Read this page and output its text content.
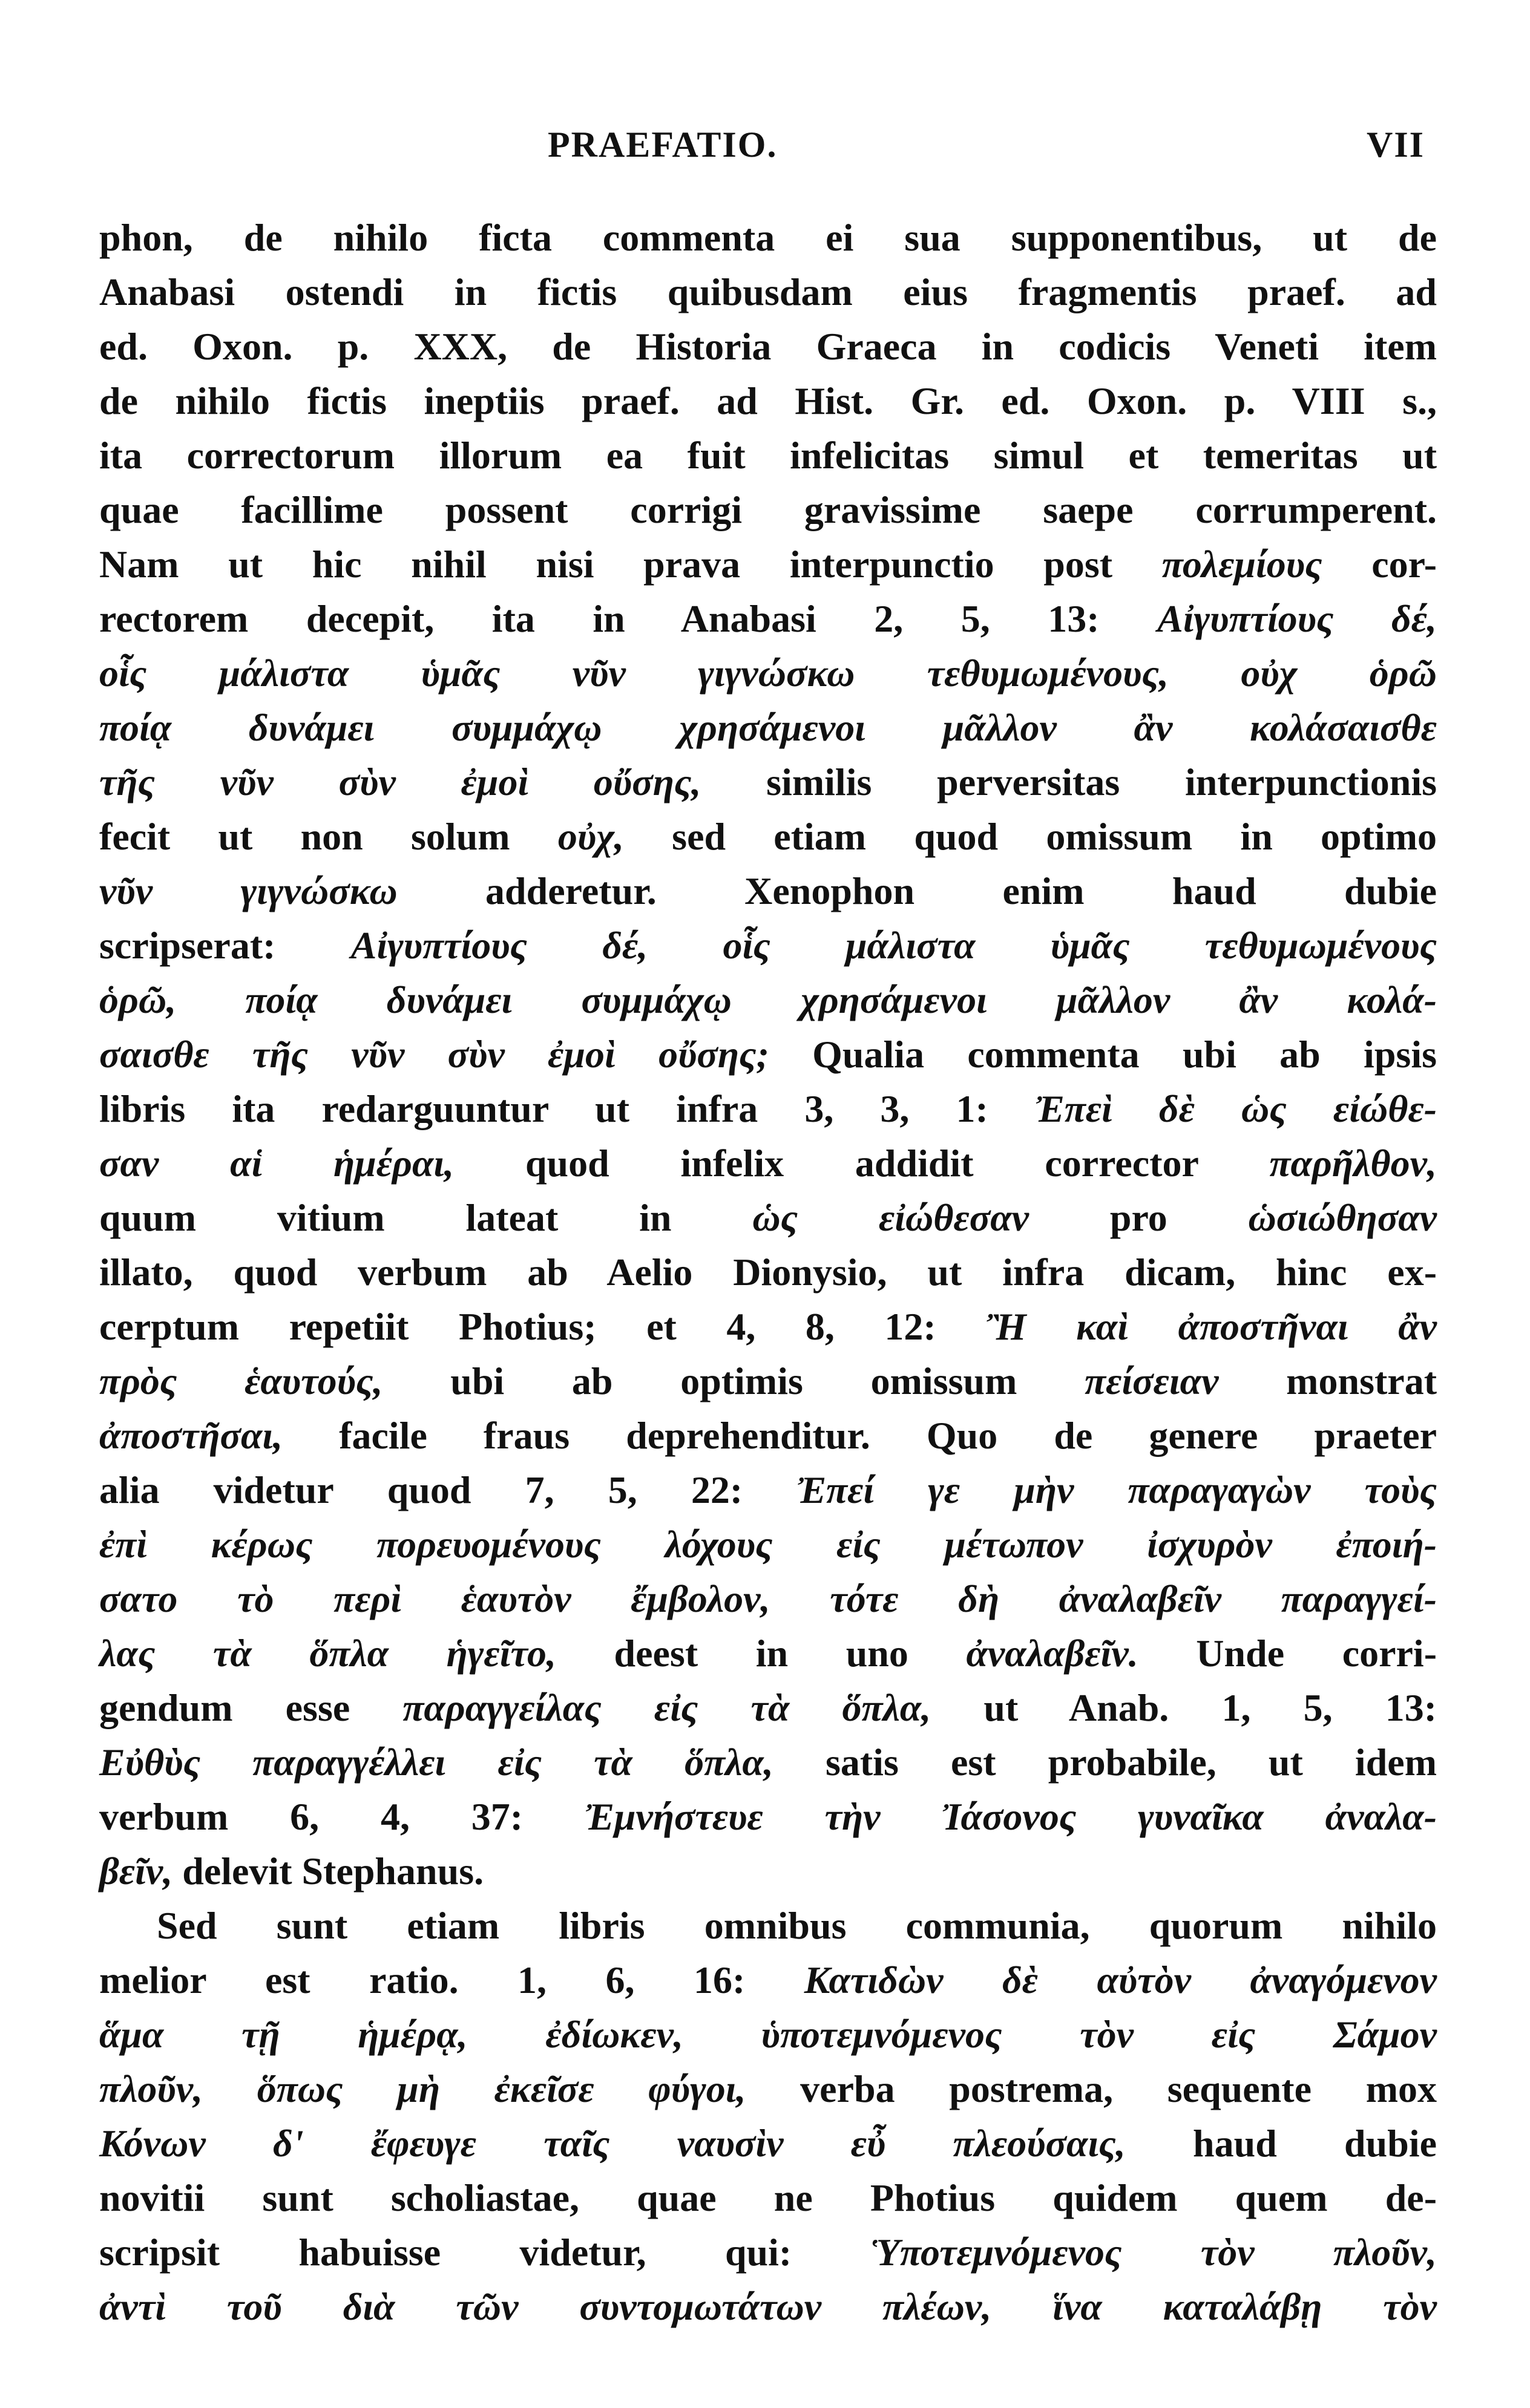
PRAEFATIO.	VII
phon, de nihilo ficta commenta ei sua supponentibus, ut de
Anabasi ostendi in fictis quibusdam eius fragmentis praef. ad
ed. Oxon. p. XXX, de Historia Graeca in codicis Veneti item
de nihilo fictis ineptiis praef. ad Hist. Gr. ed. Oxon. p. VIII s.,
ita correctorum illorum ea fuit infelicitas simul et temeritas ut
quae facillime possent corrigi gravissime saepe corrumperent.
Nam ut hic nihil nisi prava interpunctio post πολεμίους cor-
rectorem decepit, ita in Anabasi 2, 5, 13: Αἰγυπτίους δέ,
οἷς μάλιστα ὑμᾶς νῦν γιγνώσκω τεθυμωμένους, οὐχ ὁρῶ
ποίᾳ δυνάμει συμμάχῳ χρησάμενοι μᾶλλον ἂν κολάσαισθε
τῆς νῦν σὺν ἐμοὶ οὔσης, similis perversitas interpunctionis
fecit ut non solum οὐχ, sed etiam quod omissum in optimo
νῦν γιγνώσκω adderetur. Xenophon enim haud dubie
scripserat: Αἰγυπτίους δέ, οἷς μάλιστα ὑμᾶς τεθυμωμένους
ὁρῶ, ποίᾳ δυνάμει συμμάχῳ χρησάμενοι μᾶλλον ἂν κολά-
σαισθε τῆς νῦν σὺν ἐμοὶ οὔσης; Qualia commenta ubi ab ipsis
libris ita redarguuntur ut infra 3, 3, 1: Ἐπεὶ δὲ ὡς εἰώθε-
σαν αἱ ἡμέραι, quod infelix addidit corrector παρῆλθον,
quum vitium lateat in ὡς εἰώθεσαν pro ὡσιώθησαν
illato, quod verbum ab Aelio Dionysio, ut infra dicam, hinc ex-
cerptum repetiit Photius; et 4, 8, 12: Ἢ καὶ ἀποστῆναι ἂν
πρὸς ἑαυτούς, ubi ab optimis omissum πείσειαν monstrat
ἀποστῆσαι, facile fraus deprehenditur. Quo de genere praeter
alia videtur quod 7, 5, 22: Ἐπεί γε μὴν παραγαγὼν τοὺς
ἐπὶ κέρως πορευομένους λόχους εἰς μέτωπον ἰσχυρὸν ἐποιή-
σατο τὸ περὶ ἑαυτὸν ἔμβολον, τότε δὴ ἀναλαβεῖν παραγγεί-
λας τὰ ὅπλα ἡγεῖτο, deest in uno ἀναλαβεῖν. Unde corri-
gendum esse παραγγείλας εἰς τὰ ὅπλα, ut Anab. 1, 5, 13:
Εὐθὺς παραγγέλλει εἰς τὰ ὅπλα, satis est probabile, ut idem
verbum 6, 4, 37: Ἐμνήστευε τὴν Ἰάσονος γυναῖκα ἀναλα-
βεῖν, delevit Stephanus.
Sed sunt etiam libris omnibus communia, quorum nihilo
melior est ratio. 1, 6, 16: Κατιδὼν δὲ αὐτὸν ἀναγόμενον
ἅμα τῇ ἡμέρᾳ, ἐδίωκεν, ὑποτεμνόμενος τὸν εἰς Σάμον
πλοῦν, ὅπως μὴ ἐκεῖσε φύγοι, verba postrema, sequente mox
Κόνων δ' ἔφευγε ταῖς ναυσὶν εὖ πλεούσαις, haud dubie
novitii sunt scholiastae, quae ne Photius quidem quem de-
scripsit habuisse videtur, qui: Ὑποτεμνόμενος τὸν πλοῦν,
ἀντὶ τοῦ διὰ τῶν συντομωτάτων πλέων, ἵνα καταλάβῃ τὸν
